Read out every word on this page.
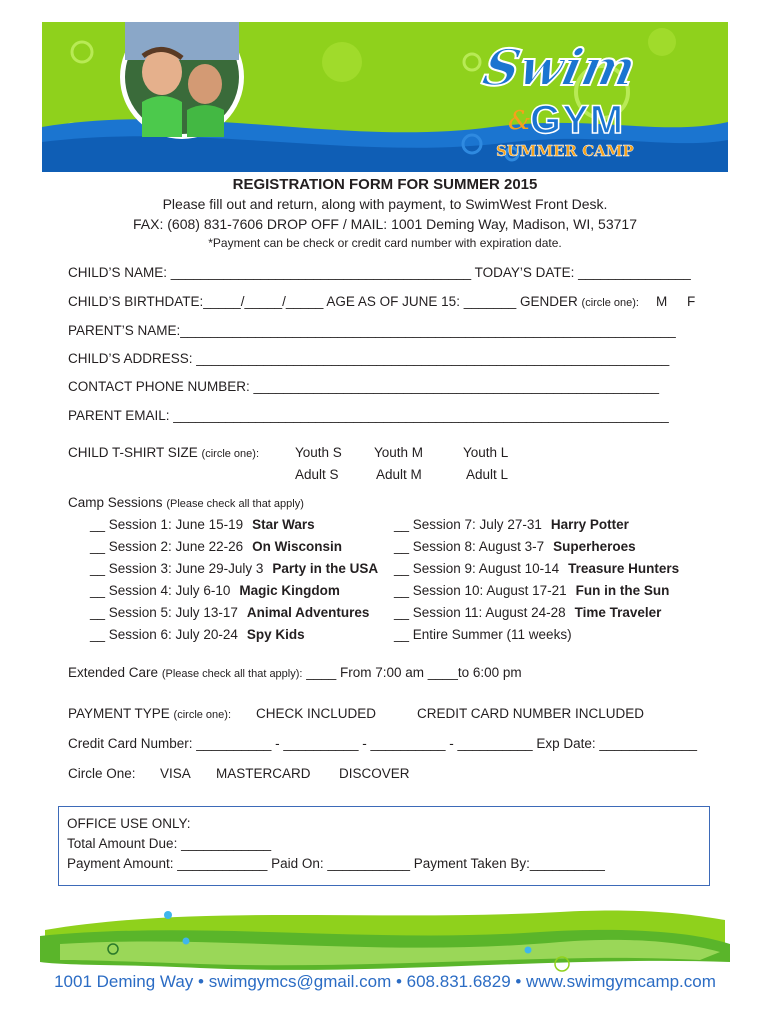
Swim
&
GYM
SUMMER CAMP
REGISTRATION FORM FOR SUMMER 2015
Please fill out and return, along with payment, to SwimWest Front Desk.
FAX: (608) 831-7606 DROP OFF / MAIL: 1001 Deming Way, Madison, WI, 53717
*Payment can be check or credit card number with expiration date.
CHILD’S NAME: ________________________________________ TODAY’S DATE: _______________
CHILD’S BIRTHDATE:_____/_____/_____ AGE AS OF JUNE 15: _______ GENDER (circle one): M F
PARENT’S NAME:__________________________________________________________________
CHILD’S ADDRESS: _______________________________________________________________
CONTACT PHONE NUMBER: ______________________________________________________
PARENT EMAIL: __________________________________________________________________
CHILD T-SHIRT SIZE (circle one):	Youth S Youth M	Youth L
Adult S	Adult M	Adult L
Camp Sessions (Please check all that apply)
__ Session 1: June 15-19 Star Wars
__ Session 2: June 22-26 On Wisconsin
__ Session 3: June 29-July 3 Party in the USA
__ Session 4: July 6-10 Magic Kingdom
__ Session 5: July 13-17 Animal Adventures
__ Session 6: July 20-24 Spy Kids
__ Session 7: July 27-31 Harry Potter
__ Session 8: August 3-7 Superheroes
__ Session 9: August 10-14 Treasure Hunters
__ Session 10: August 17-21 Fun in the Sun
__ Session 11: August 24-28 Time Traveler
__ Entire Summer (11 weeks)
Extended Care (Please check all that apply): ____ From 7:00 am ____to 6:00 pm
PAYMENT TYPE (circle one): CHECK INCLUDED	CREDIT CARD NUMBER INCLUDED
Credit Card Number: __________ - __________ - __________ - __________ Exp Date: _____________
Circle One: VISA MASTERCARD DISCOVER
OFFICE USE ONLY:
Total Amount Due: ____________
Payment Amount: ____________ Paid On: ___________ Payment Taken By:__________
1001 Deming Way • swimgymcs@gmail.com • 608.831.6829 • www.swimgymcamp.com
